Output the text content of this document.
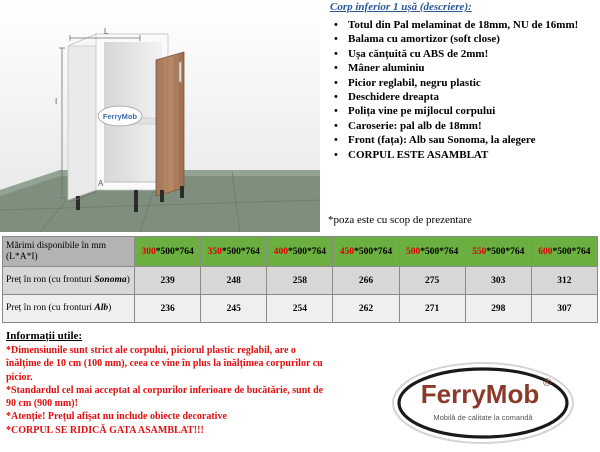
L
I
A
FerryMob
Corp inferior 1 ușă (descriere):
• Totul din Pal melaminat de 18mm, NU de 16mm!
• Balama cu amortizor (soft close)
• Ușa cănțuită cu ABS de 2mm!
• Mâner aluminiu
• Picior reglabil, negru plastic
• Deschidere dreapta
• Polița vine pe mijlocul corpului
• Caroserie: pal alb de 18mm!
• Front (fața): Alb sau Sonoma, la alegere
• CORPUL ESTE ASAMBLAT
*poza este cu scop de prezentare
Mărimi disponibile în mm (L*A*I)	300*500*764	350*500*764	400*500*764	450*500*764	500*500*764	550*500*764	600*500*764
Preț în ron (cu fronturi Sonoma)	239	248	258	266	275	303	312
Preț în ron (cu fronturi Alb)	236	245	254	262	271	298	307
Informații utile:
*Dimensiunile sunt strict ale corpului, piciorul plastic reglabil, are o
înălțime de 10 cm (100 mm), ceea ce vine în plus la înălțimea corpurilor cu
picior.
*Standardul cel mai acceptat al corpurilor inferioare de bucătărie, sunt de
90 cm (900 mm)!
*Atenție! Prețul afișat nu include obiecte decorative
*CORPUL SE RIDICĂ GATA ASAMBLAT!!!
FerryMob ®
Mobilă de calitate la comandă
